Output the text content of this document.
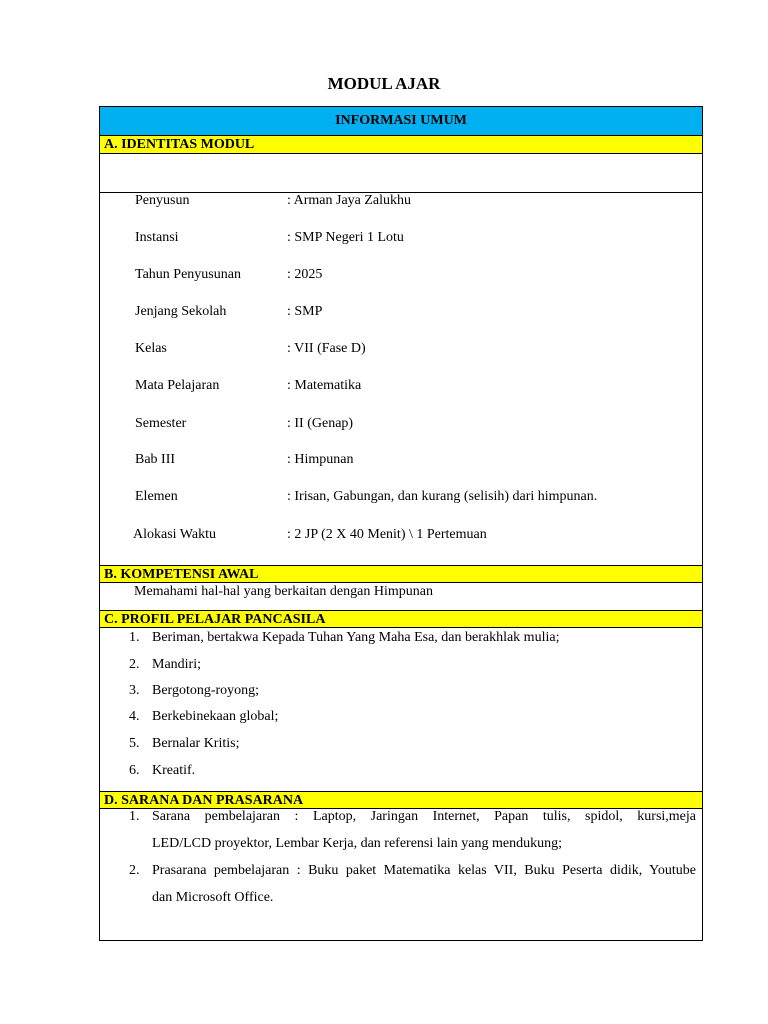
MODUL AJAR
INFORMASI UMUM
A. IDENTITAS MODUL
Penyusun	: Arman Jaya Zalukhu
Instansi	: SMP Negeri 1 Lotu
Tahun Penyusunan	: 2025
Jenjang Sekolah	: SMP
Kelas	: VII (Fase D)
Mata Pelajaran	: Matematika
Semester	: II (Genap)
Bab III	: Himpunan
Elemen	: Irisan, Gabungan, dan kurang (selisih) dari himpunan.
Alokasi Waktu	: 2 JP (2 X 40 Menit) \ 1 Pertemuan
B. KOMPETENSI AWAL
Memahami hal-hal yang berkaitan dengan Himpunan
C. PROFIL PELAJAR PANCASILA
1. Beriman, bertakwa Kepada Tuhan Yang Maha Esa, dan berakhlak mulia;
2. Mandiri;
3. Bergotong-royong;
4. Berkebinekaan global;
5. Bernalar Kritis;
6. Kreatif.
D. SARANA DAN PRASARANA
1. Sarana pembelajaran : Laptop, Jaringan Internet, Papan tulis, spidol, kursi,meja
LED/LCD proyektor, Lembar Kerja, dan referensi lain yang mendukung;
2. Prasarana pembelajaran : Buku paket Matematika kelas VII, Buku Peserta didik, Youtube
dan Microsoft Office.
